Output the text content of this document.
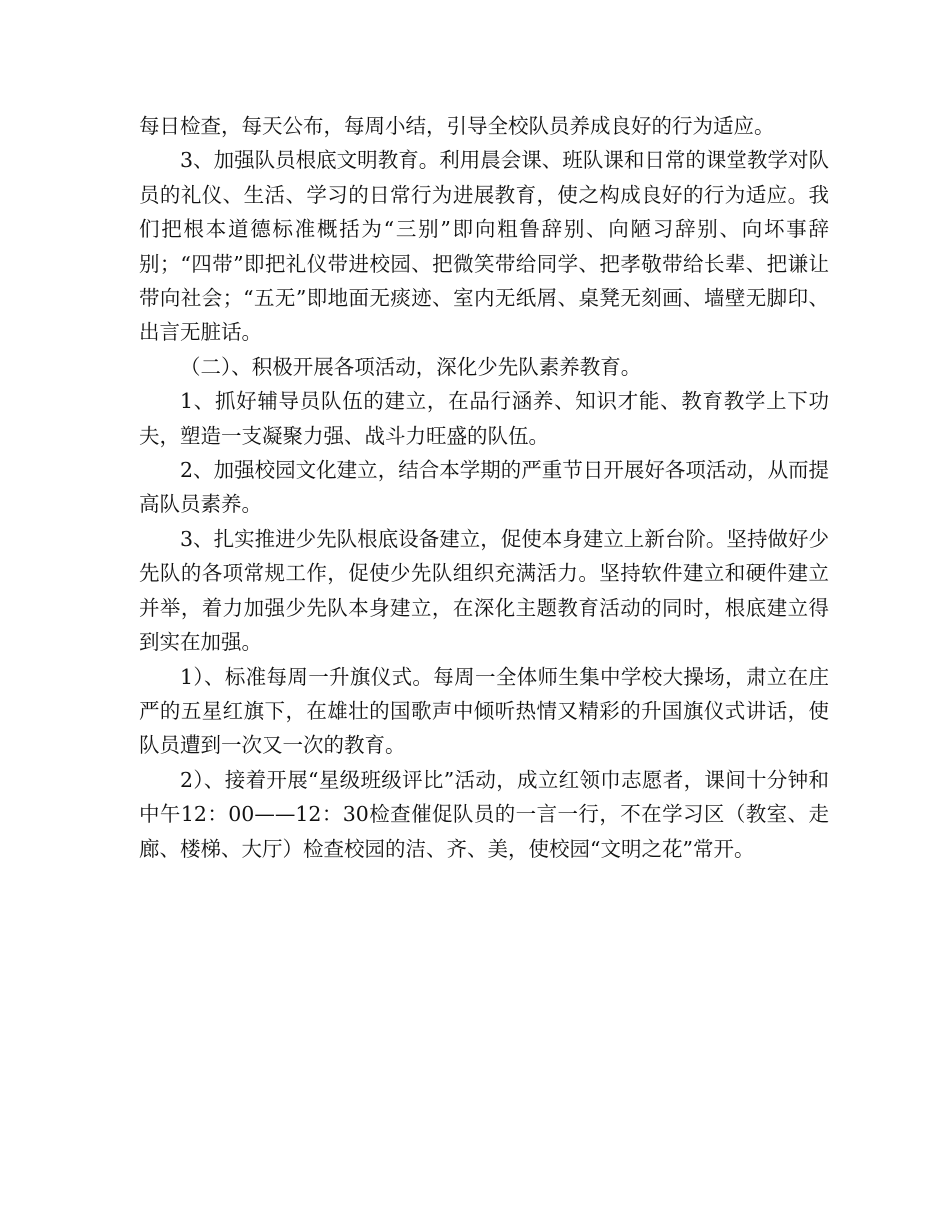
每日检查，每天公布，每周小结，引导全校队员养成良好的行为适应。

3、加强队员根底文明教育。利用晨会课、班队课和日常的课堂教学对队员的礼仪、生活、学习的日常行为进展教育，使之构成良好的行为适应。我们把根本道德标准概括为“三别”即向粗鲁辞别、向陋习辞别、向坏事辞别；“四带”即把礼仪带进校园、把微笑带给同学、把孝敬带给长辈、把谦让带向社会；“五无”即地面无痰迹、室内无纸屑、桌凳无刻画、墙壁无脚印、出言无脏话。

（二）、积极开展各项活动，深化少先队素养教育。

1、抓好辅导员队伍的建立，在品行涵养、知识才能、教育教学上下功夫，塑造一支凝聚力强、战斗力旺盛的队伍。

2、加强校园文化建立，结合本学期的严重节日开展好各项活动，从而提高队员素养。

3、扎实推进少先队根底设备建立，促使本身建立上新台阶。坚持做好少先队的各项常规工作，促使少先队组织充满活力。坚持软件建立和硬件建立并举，着力加强少先队本身建立，在深化主题教育活动的同时，根底建立得到实在加强。

1）、标准每周一升旗仪式。每周一全体师生集中学校大操场，肃立在庄严的五星红旗下，在雄壮的国歌声中倾听热情又精彩的升国旗仪式讲话，使队员遭到一次又一次的教育。

2）、接着开展“星级班级评比”活动，成立红领巾志愿者，课间十分钟和中午12：00——12：30检查催促队员的一言一行，不在学习区（教室、走廊、楼梯、大厅）检查校园的洁、齐、美，使校园“文明之花”常开。
